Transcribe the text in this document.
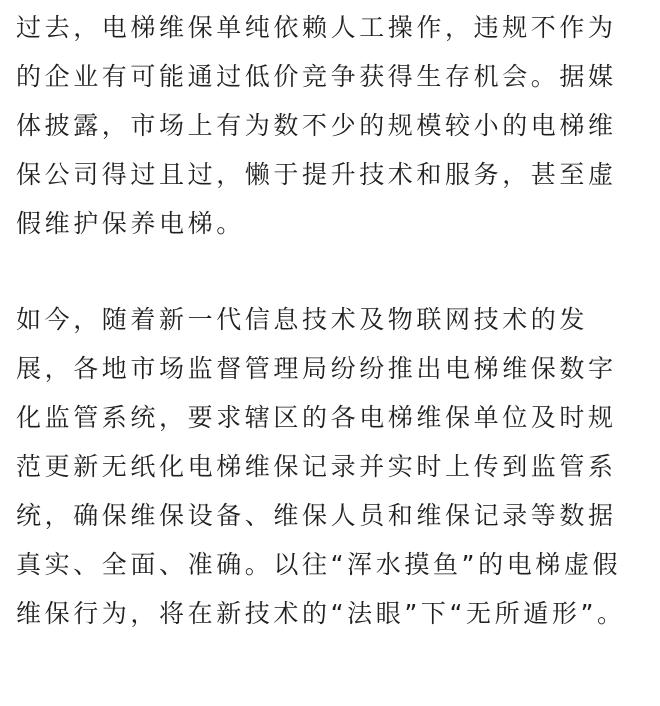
过去，电梯维保单纯依赖人工操作，违规不作为
的企业有可能通过低价竞争获得生存机会。据媒
体披露，市场上有为数不少的规模较小的电梯维
保公司得过且过，懒于提升技术和服务，甚至虚
假维护保养电梯。
如今，随着新一代信息技术及物联网技术的发
展，各地市场监督管理局纷纷推出电梯维保数字
化监管系统，要求辖区的各电梯维保单位及时规
范更新无纸化电梯维保记录并实时上传到监管系
统，确保维保设备、维保人员和维保记录等数据
真实、全面、准确。以往“浑水摸鱼”的电梯虚假
维保行为，将在新技术的“法眼”下“无所遁形”。
